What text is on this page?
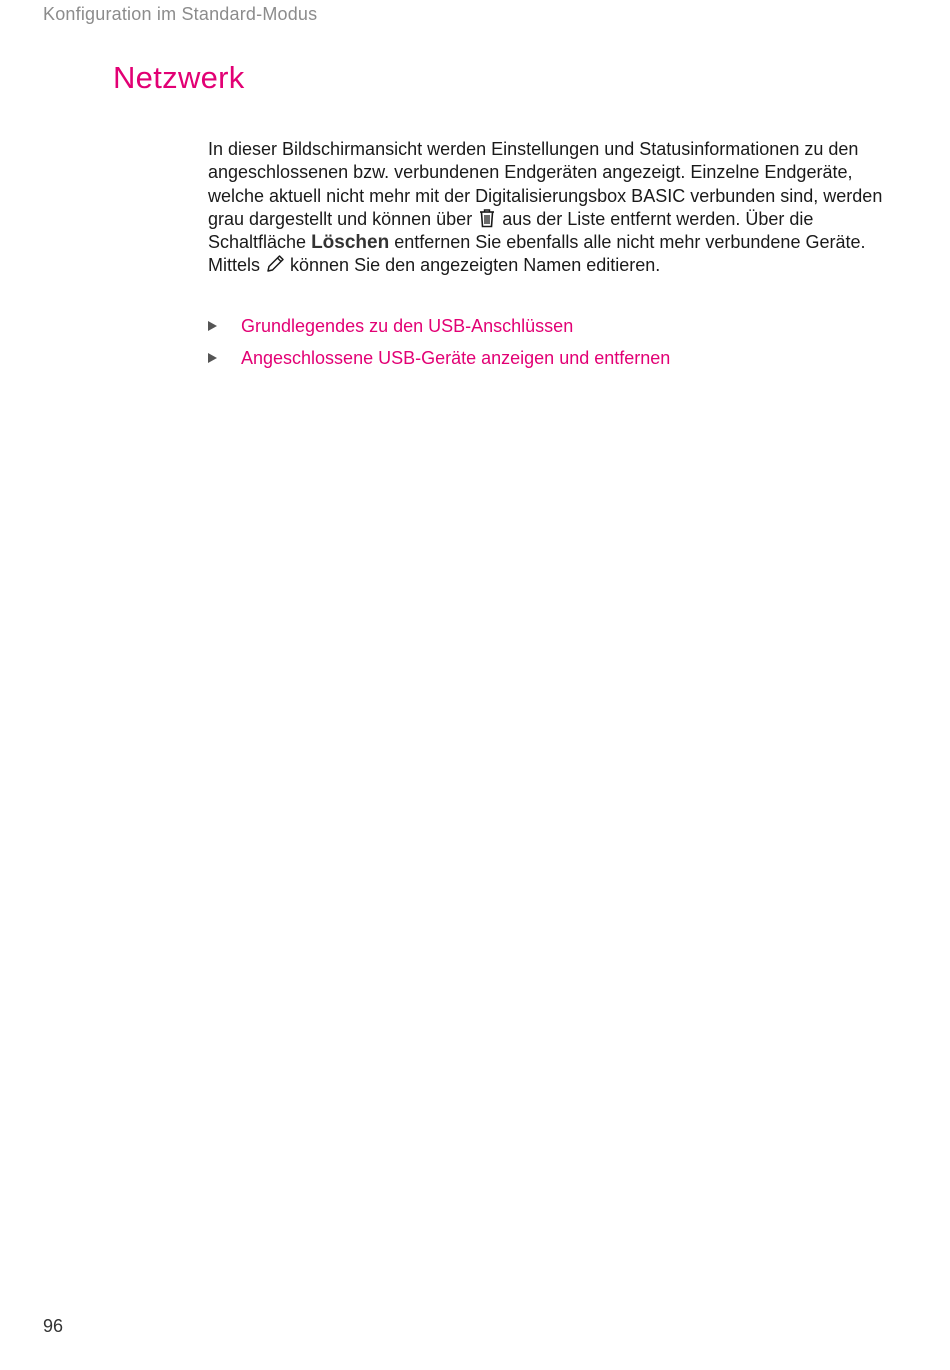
Konfiguration im Standard-Modus
Netzwerk

In dieser Bildschirmansicht werden Einstellungen und Statusinformationen zu den angeschlossenen bzw. verbundenen Endgeräten angezeigt. Einzelne Endgeräte, welche aktuell nicht mehr mit der Digitalisierungsbox BASIC verbunden sind, werden grau dargestellt und können über  aus der Liste entfernt werden. Über die Schaltfläche Löschen entfernen Sie ebenfalls alle nicht mehr verbundene Geräte. Mittels  können Sie den angezeigten Namen editieren.

Grundlegendes zu den USB-Anschlüssen
Angeschlossene USB-Geräte anzeigen und entfernen
96
